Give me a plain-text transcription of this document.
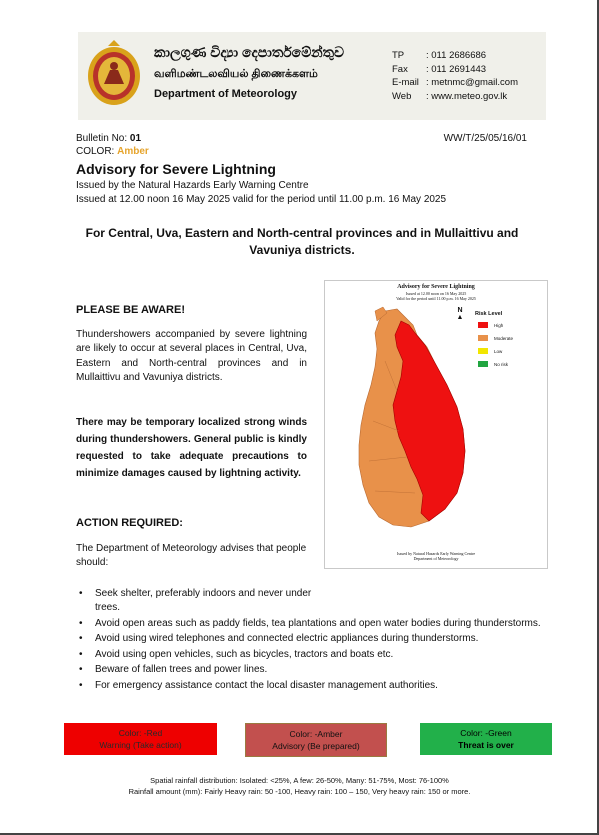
කාලගුණ විද්‍යා දෙපාර්තමේන්තුව
வளிமண்டலவியல் திணைக்களம்
Department of Meteorology
TP	: 011 2686686
Fax	: 011 2691443
E-mail : metnmc@gmail.com
Web	: www.meteo.gov.lk
Bulletin No: 01	WW/T/25/05/16/01
COLOR: Amber
Advisory for Severe Lightning
Issued by the Natural Hazards Early Warning Centre
Issued at 12.00 noon 16 May 2025 valid for the period until 11.00 p.m. 16 May 2025
For Central, Uva, Eastern and North-central provinces and in Mullaittivu and Vavuniya districts.
PLEASE BE AWARE!
Thundershowers accompanied by severe lightning are likely to occur at several places in Central, Uva, Eastern and North-central provinces and in Mullaittivu and Vavuniya districts.
There may be temporary localized strong winds during thundershowers. General public is kindly requested to take adequate precautions to minimize damages caused by lightning activity.
Advisory for Severe Lightning
Issued at 12.00 noon on 16 May 2025
Valid for the period until 11.00 p.m. 16 May 2025
N
▲ Risk Level
High
Moderate
Low
No risk
Issued by Natural Hazards Early Warning Centre
Department of Meteorology
ACTION REQUIRED:
The Department of Meteorology advises that people should:
• Seek shelter, preferably indoors and never under trees.
• Avoid open areas such as paddy fields, tea plantations and open water bodies during thunderstorms.
• Avoid using wired telephones and connected electric appliances during thunderstorms.
• Avoid using open vehicles, such as bicycles, tractors and boats etc.
• Beware of fallen trees and power lines.
• For emergency assistance contact the local disaster management authorities.
Color: -Red
Warning (Take action)
Color: -Amber
Advisory (Be prepared)
Color: -Green
Threat is over
Spatial rainfall distribution: Isolated: <25%, A few: 26-50%, Many: 51-75%, Most: 76-100%
Rainfall amount (mm): Fairly Heavy rain: 50 -100, Heavy rain: 100 – 150, Very heavy rain: 150 or more.
